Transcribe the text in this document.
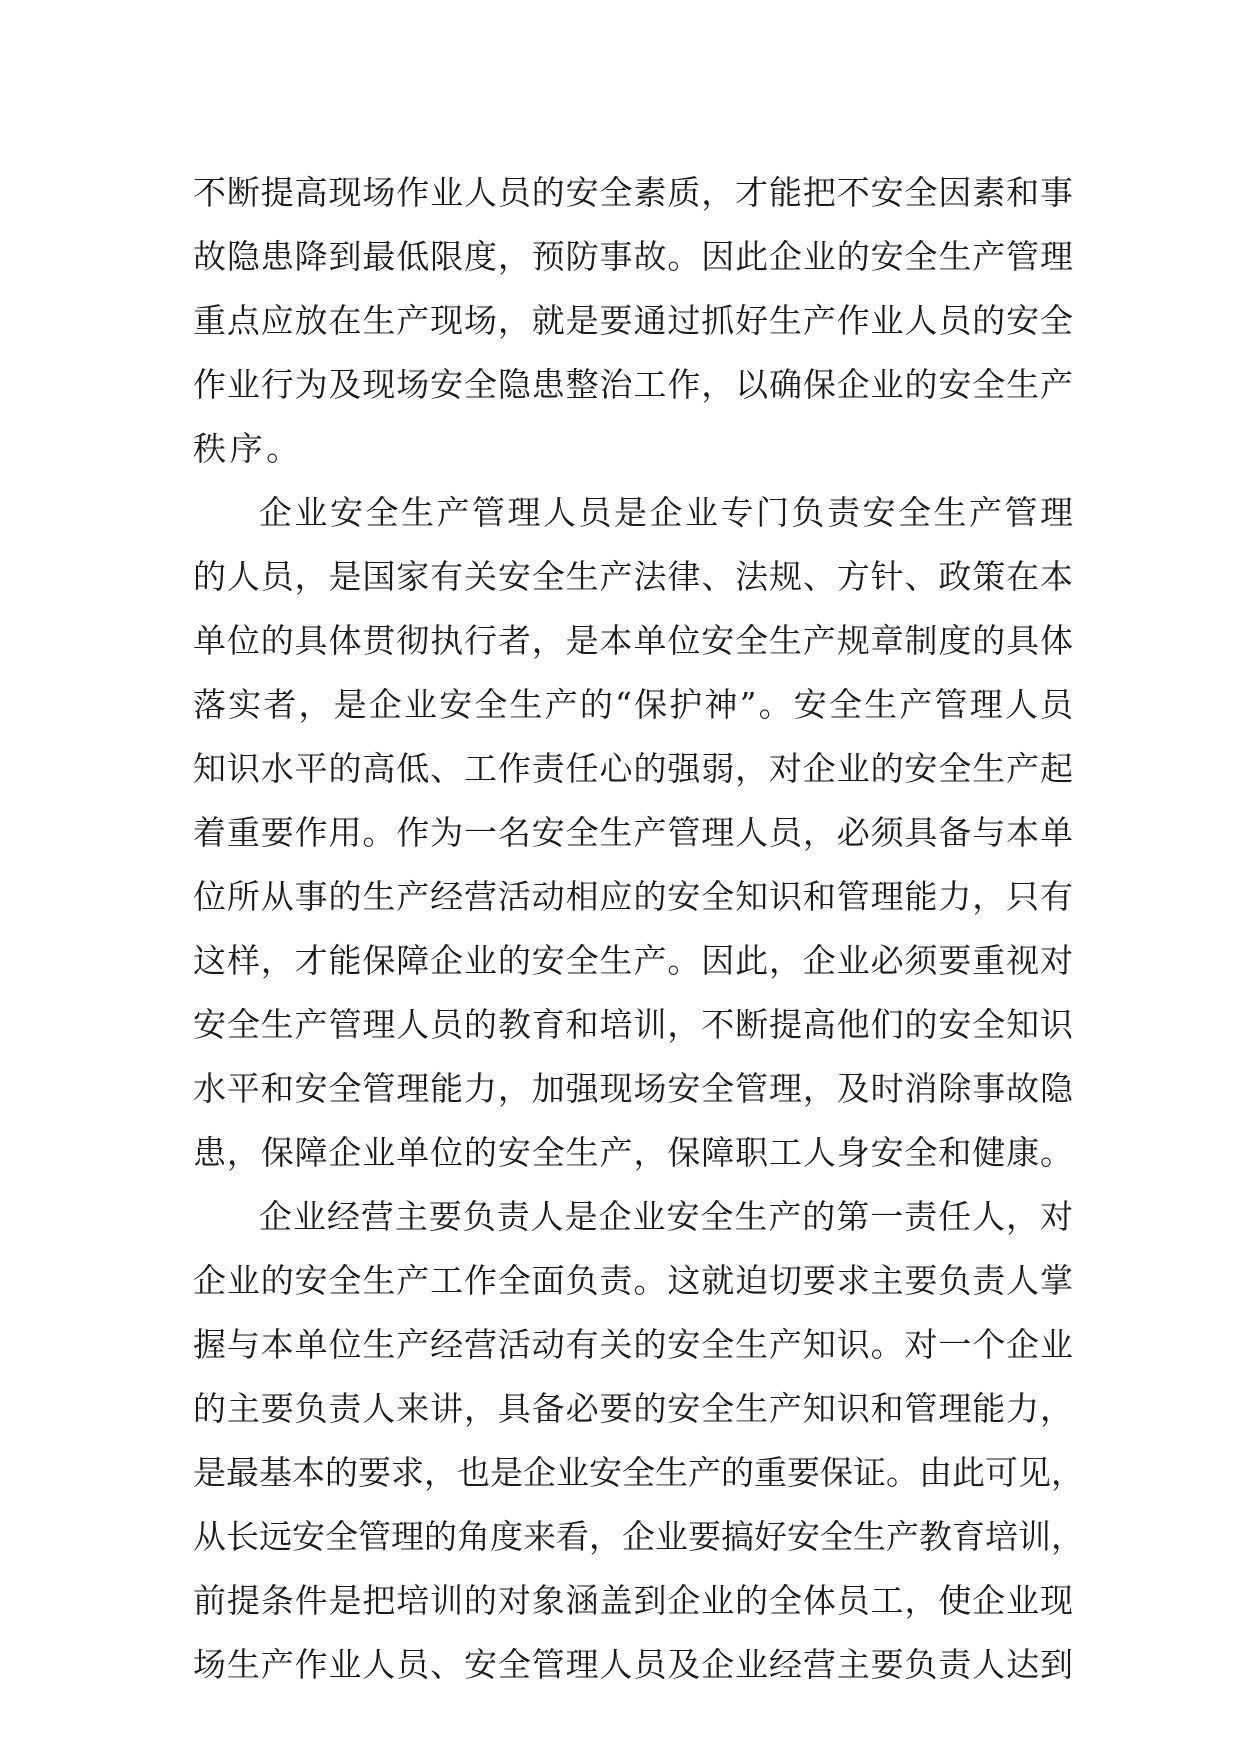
不断提高现场作业人员的安全素质，才能把不安全因素和事
故隐患降到最低限度，预防事故。因此企业的安全生产管理
重点应放在生产现场，就是要通过抓好生产作业人员的安全
作业行为及现场安全隐患整治工作，以确保企业的安全生产
秩序。
企业安全生产管理人员是企业专门负责安全生产管理
的人员，是国家有关安全生产法律、法规、方针、政策在本
单位的具体贯彻执行者，是本单位安全生产规章制度的具体
落实者，是企业安全生产的“保护神”。安全生产管理人员
知识水平的高低、工作责任心的强弱，对企业的安全生产起
着重要作用。作为一名安全生产管理人员，必须具备与本单
位所从事的生产经营活动相应的安全知识和管理能力，只有
这样，才能保障企业的安全生产。因此，企业必须要重视对
安全生产管理人员的教育和培训，不断提高他们的安全知识
水平和安全管理能力，加强现场安全管理，及时消除事故隐
患，保障企业单位的安全生产，保障职工人身安全和健康。
企业经营主要负责人是企业安全生产的第一责任人，对
企业的安全生产工作全面负责。这就迫切要求主要负责人掌
握与本单位生产经营活动有关的安全生产知识。对一个企业
的主要负责人来讲，具备必要的安全生产知识和管理能力，
是最基本的要求，也是企业安全生产的重要保证。由此可见，
从长远安全管理的角度来看，企业要搞好安全生产教育培训，
前提条件是把培训的对象涵盖到企业的全体员工，使企业现
场生产作业人员、安全管理人员及企业经营主要负责人达到
